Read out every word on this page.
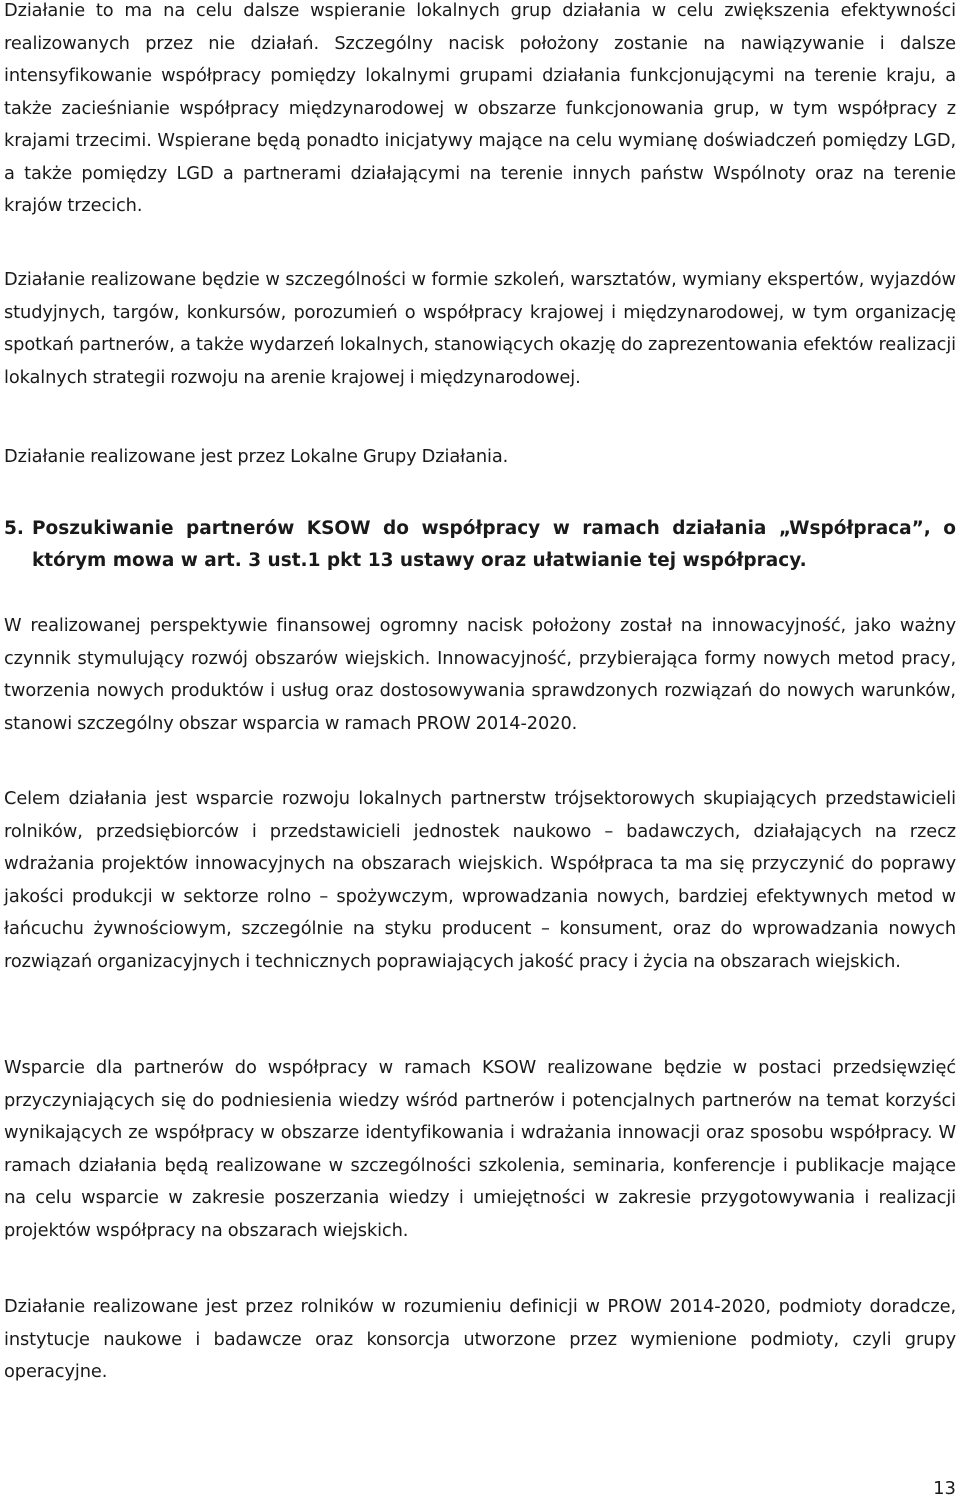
Działanie to ma na celu dalsze wspieranie lokalnych grup działania w celu zwiększenia efektywności realizowanych przez nie działań. Szczególny nacisk położony zostanie na nawiązywanie i dalsze intensyfikowanie współpracy pomiędzy lokalnymi grupami działania funkcjonującymi na terenie kraju, a także zacieśnianie współpracy międzynarodowej w obszarze funkcjonowania grup, w tym współpracy z krajami trzecimi. Wspierane będą ponadto inicjatywy mające na celu wymianę doświadczeń pomiędzy LGD, a także pomiędzy LGD a partnerami działającymi na terenie innych państw Wspólnoty oraz na terenie krajów trzecich.

Działanie realizowane będzie w szczególności w formie szkoleń, warsztatów, wymiany ekspertów, wyjazdów studyjnych, targów, konkursów, porozumień o współpracy krajowej i międzynarodowej, w tym organizację spotkań partnerów, a także wydarzeń lokalnych, stanowiących okazję do zaprezentowania efektów realizacji lokalnych strategii rozwoju na arenie krajowej i międzynarodowej.

Działanie realizowane jest przez Lokalne Grupy Działania.

5. Poszukiwanie partnerów KSOW do współpracy w ramach działania „Współpraca”, o którym mowa w art. 3 ust.1 pkt 13 ustawy oraz ułatwianie tej współpracy.

W realizowanej perspektywie finansowej ogromny nacisk położony został na innowacyjność, jako ważny czynnik stymulujący rozwój obszarów wiejskich. Innowacyjność, przybierająca formy nowych metod pracy, tworzenia nowych produktów i usług oraz dostosowywania sprawdzonych rozwiązań do nowych warunków, stanowi szczególny obszar wsparcia w ramach PROW 2014-2020.

Celem działania jest wsparcie rozwoju lokalnych partnerstw trójsektorowych skupiających przedstawicieli rolników, przedsiębiorców i przedstawicieli jednostek naukowo – badawczych, działających na rzecz wdrażania projektów innowacyjnych na obszarach wiejskich. Współpraca ta ma się przyczynić do poprawy jakości produkcji w sektorze rolno – spożywczym, wprowadzania nowych, bardziej efektywnych metod w łańcuchu żywnościowym, szczególnie na styku producent – konsument, oraz do wprowadzania nowych rozwiązań organizacyjnych i technicznych poprawiających jakość pracy i życia na obszarach wiejskich.

Wsparcie dla partnerów do współpracy w ramach KSOW realizowane będzie w postaci przedsięwzięć przyczyniających się do podniesienia wiedzy wśród partnerów i potencjalnych partnerów na temat korzyści wynikających ze współpracy w obszarze identyfikowania i wdrażania innowacji oraz sposobu współpracy. W ramach działania będą realizowane w szczególności szkolenia, seminaria, konferencje i publikacje mające na celu wsparcie w zakresie poszerzania wiedzy i umiejętności w zakresie przygotowywania i realizacji projektów współpracy na obszarach wiejskich.

Działanie realizowane jest przez rolników w rozumieniu definicji w PROW 2014-2020, podmioty doradcze, instytucje naukowe i badawcze oraz konsorcja utworzone przez wymienione podmioty, czyli grupy operacyjne.

13
